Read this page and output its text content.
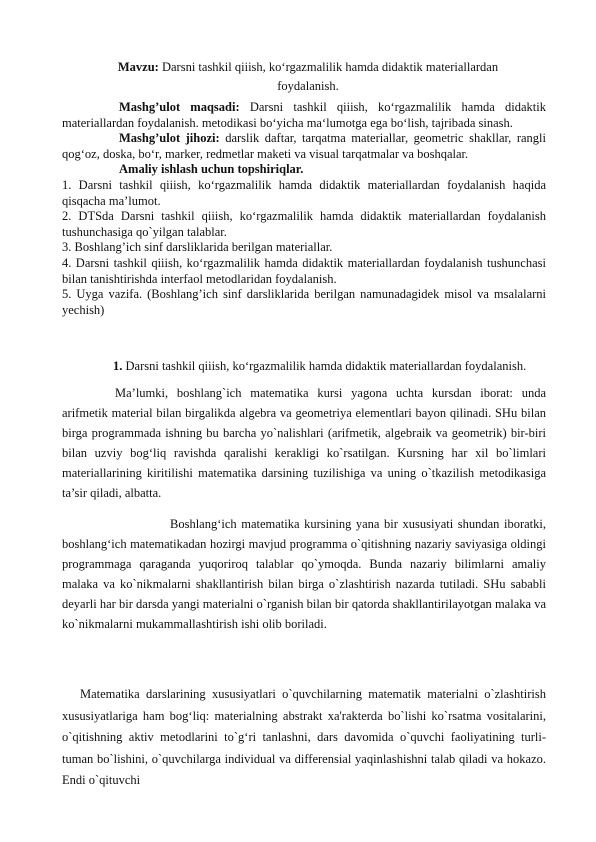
Mavzu: Darsni tashkil qiiish, ko‘rgazmalilik hamda didaktik materiallardan foydalanish.

Mashg’ulot maqsadi: Darsni tashkil qiiish, ko‘rgazmalilik hamda didaktik materiallardan foydalanish. metodikasi bo‘yicha ma‘lumotga ega bo‘lish, tajribada sinash.

Mashg’ulot jihozi: darslik daftar, tarqatma materiallar, geometric shakllar, rangli qog‘oz, doska, bo‘r, marker, redmetlar maketi va visual tarqatmalar va boshqalar.

Amaliy ishlash uchun topshiriqlar.

1. Darsni tashkil qiiish, ko‘rgazmalilik hamda didaktik materiallardan foydalanish haqida qisqacha ma’lumot.

2. DTSda Darsni tashkil qiiish, ko‘rgazmalilik hamda didaktik materiallardan foydalanish tushunchasiga qo`yilgan talablar.

3. Boshlang’ich sinf darsliklarida berilgan materiallar.

4. Darsni tashkil qiiish, ko‘rgazmalilik hamda didaktik materiallardan foydalanish tushunchasi bilan tanishtirishda interfaol metodlaridan foydalanish.

5. Uyga vazifa. (Boshlang’ich sinf darsliklarida berilgan namunadagidek misol va msalalarni yechish)

1. Darsni tashkil qiiish, ko‘rgazmalilik hamda didaktik materiallardan foydalanish.

Ma’lumki, boshlang`ich matematika kursi yagona uchta kursdan iborat: unda arifmetik material bilan birgalikda algebra va geometriya elementlari bayon qilinadi. SHu bilan birga programmada ishning bu barcha yo`nalishlari (arifmetik, algebraik va geometrik) bir-biri bilan uzviy bog‘liq ravishda qaralishi kerakligi ko`rsatilgan. Kursning har xil bo`limlari materiallarining kiritilishi matematika darsining tuzilishiga va uning o`tkazilish metodikasiga ta’sir qiladi, albatta.

Boshlang‘ich matematika kursining yana bir xususiyati shundan iboratki, boshlang‘ich matematikadan hozirgi mavjud programma o`qitishning nazariy saviyasiga oldingi programmaga qaraganda yuqoriroq talablar qo`ymoqda. Bunda nazariy bilimlarni amaliy malaka va ko`nikmalarni shakllantirish bilan birga o`zlashtirish nazarda tutiladi. SHu sababli deyarli har bir darsda yangi materialni o`rganish bilan bir qatorda shakllantirilayotgan malaka va ko`nikmalarni mukammallashtirish ishi olib boriladi.

Matematika darslarining xususiyatlari o`quvchilarning matematik materialni o`zlashtirish xususiyatlariga ham bog‘liq: materialning abstrakt xa'rakterda bo`lishi ko`rsatma vositalarini, o`qitishning aktiv metodlarini to`g‘ri tanlashni, dars davomida o`quvchi faoliyatining turli-tuman bo`lishini, o`quvchilarga individual va differensial yaqinlashishni talab qiladi va hokazo. Endi o`qituvchi
